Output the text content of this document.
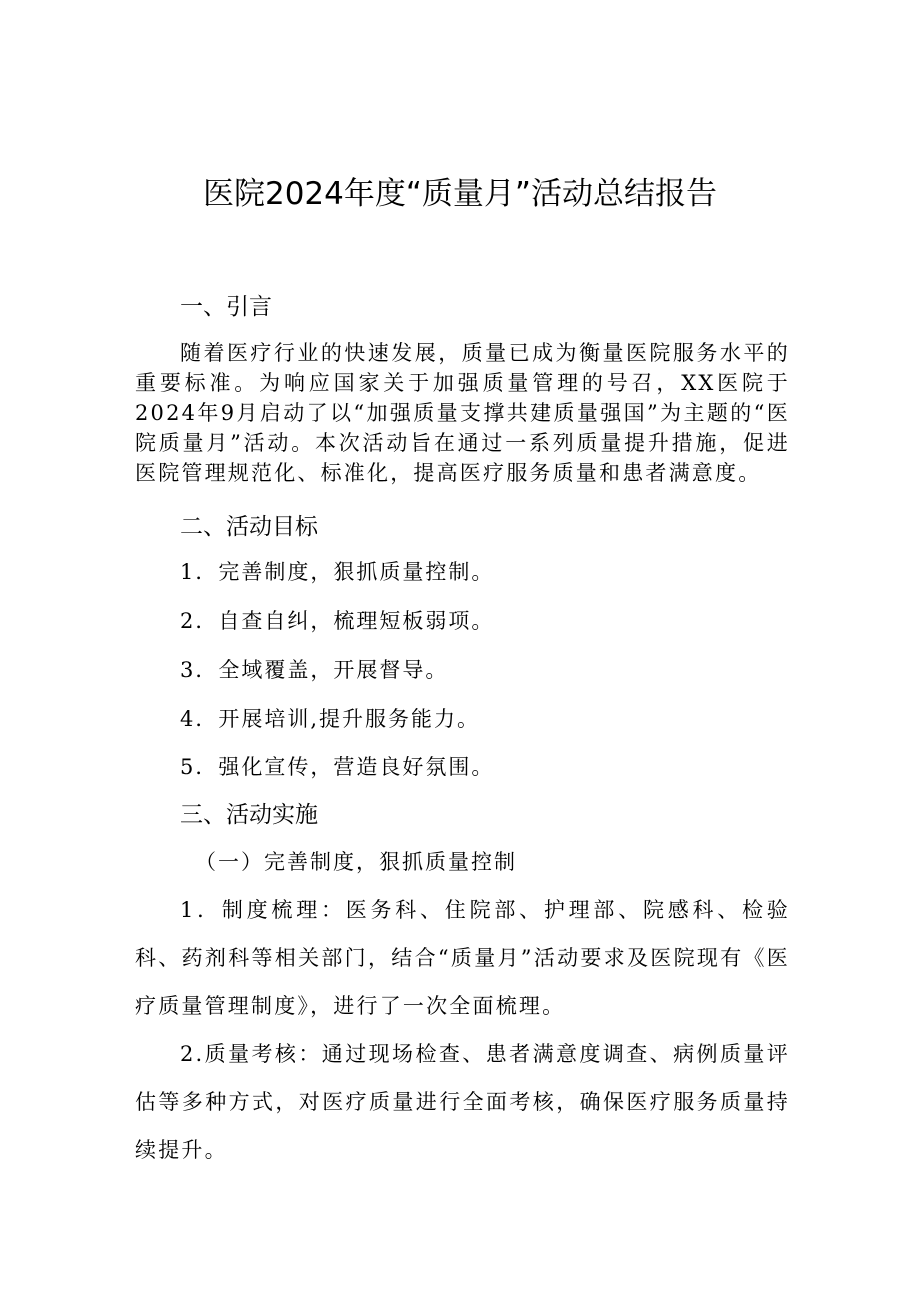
医院2024年度“质量月”活动总结报告
一、引言
随着医疗行业的快速发展，质量已成为衡量医院服务水平的重要标准。为响应国家关于加强质量管理的号召，XX医院于2024年9月启动了以“加强质量支撑共建质量强国”为主题的“医院质量月”活动。本次活动旨在通过一系列质量提升措施，促进医院管理规范化、标准化，提高医疗服务质量和患者满意度。
二、活动目标
1．完善制度，狠抓质量控制。
2．自查自纠，梳理短板弱项。
3．全域覆盖，开展督导。
4．开展培训,提升服务能力。
5．强化宣传，营造良好氛围。
三、活动实施
（一）完善制度，狠抓质量控制
1．制度梳理：医务科、住院部、护理部、院感科、检验科、药剂科等相关部门，结合“质量月”活动要求及医院现有《医疗质量管理制度》，进行了一次全面梳理。
2.质量考核：通过现场检查、患者满意度调查、病例质量评估等多种方式，对医疗质量进行全面考核，确保医疗服务质量持续提升。
